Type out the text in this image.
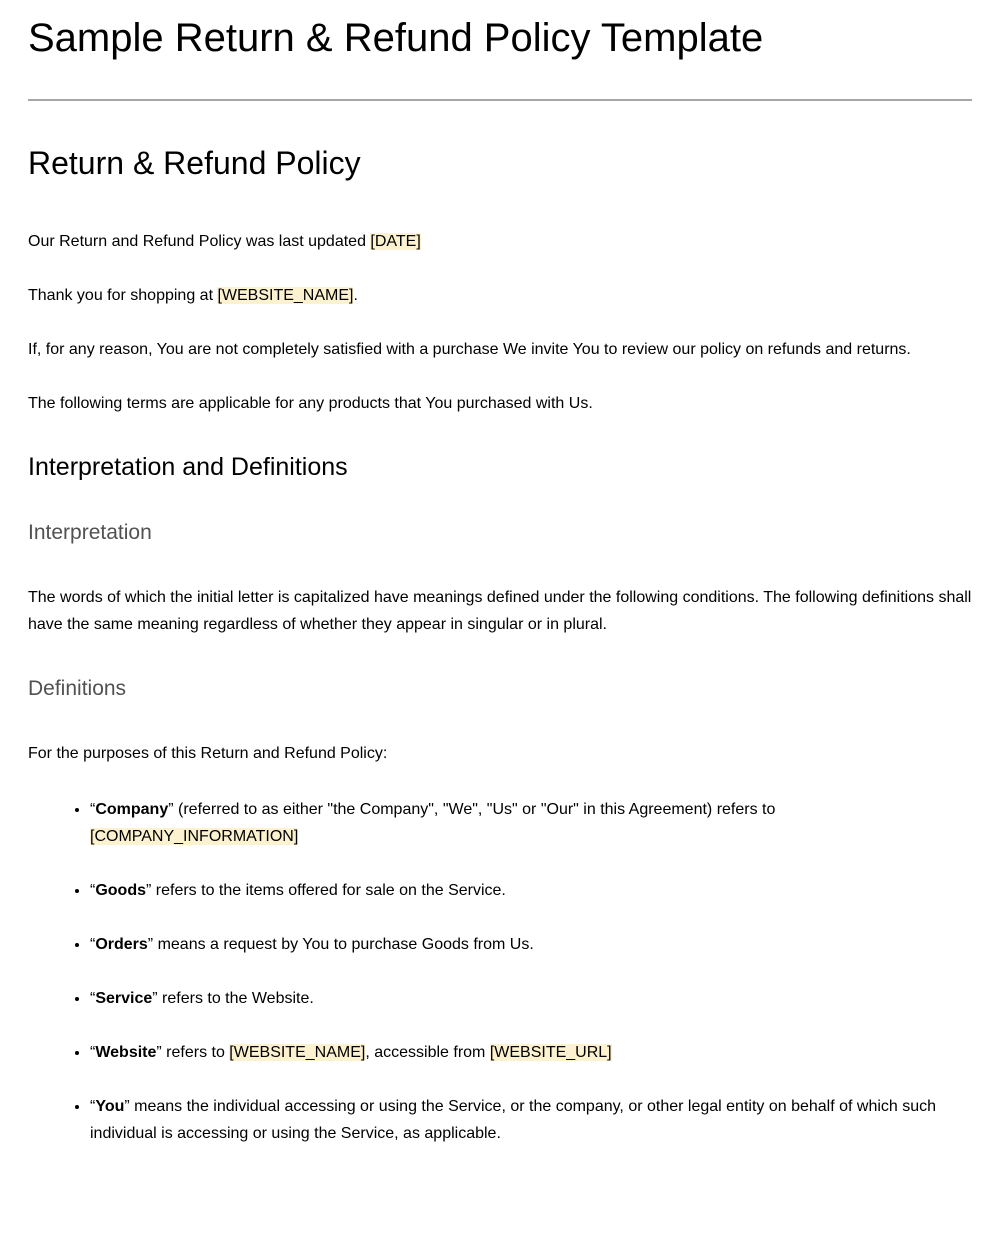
Sample Return & Refund Policy Template
Return & Refund Policy

Our Return and Refund Policy was last updated [DATE]

Thank you for shopping at [WEBSITE_NAME].

If, for any reason, You are not completely satisfied with a purchase We invite You to review our policy on refunds and returns.

The following terms are applicable for any products that You purchased with Us.

Interpretation and Definitions
Interpretation

The words of which the initial letter is capitalized have meanings defined under the following conditions. The following definitions shall have the same meaning regardless of whether they appear in singular or in plural.

Definitions

For the purposes of this Return and Refund Policy:

• “Company” (referred to as either "the Company", "We", "Us" or "Our" in this Agreement) refers to [COMPANY_INFORMATION]
• “Goods” refers to the items offered for sale on the Service.
• “Orders” means a request by You to purchase Goods from Us.
• “Service” refers to the Website.
• “Website” refers to [WEBSITE_NAME], accessible from [WEBSITE_URL]
• “You” means the individual accessing or using the Service, or the company, or other legal entity on behalf of which such individual is accessing or using the Service, as applicable.
